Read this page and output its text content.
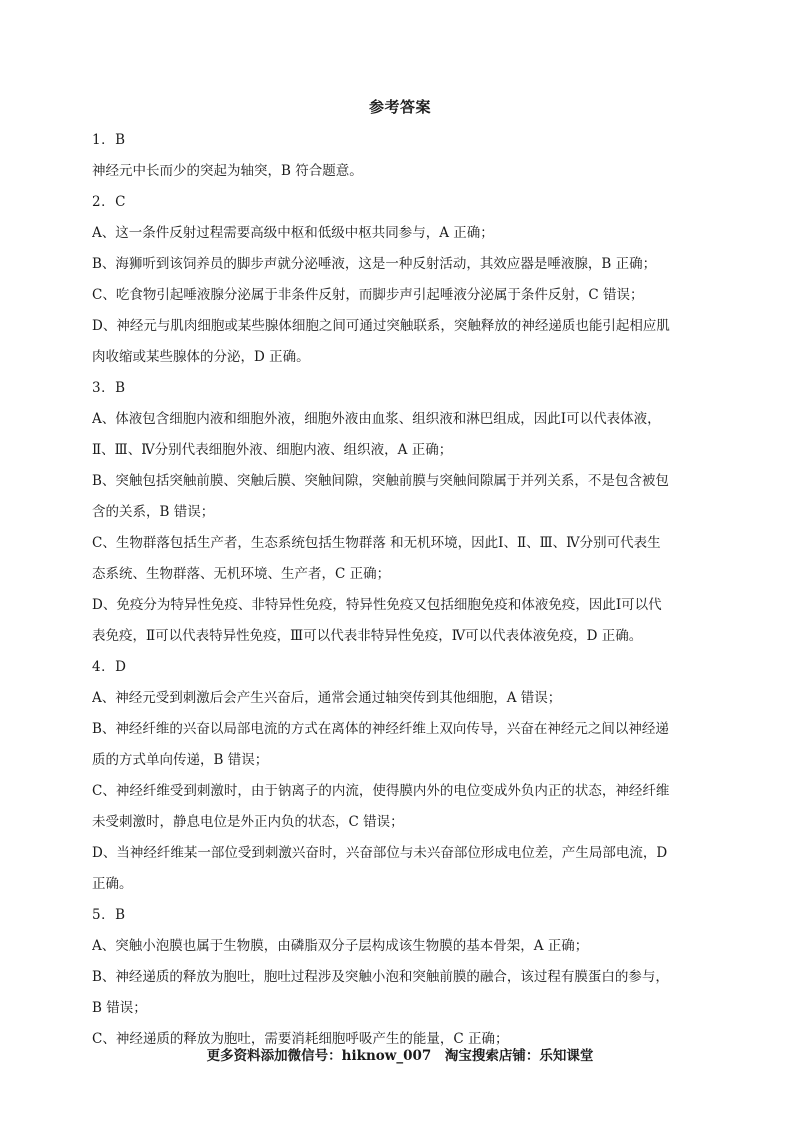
参考答案
1．B
神经元中长而少的突起为轴突，B 符合题意。
2．C
A、这一条件反射过程需要高级中枢和低级中枢共同参与，A 正确；
B、海狮听到该饲养员的脚步声就分泌唾液，这是一种反射活动，其效应器是唾液腺，B 正确；
C、吃食物引起唾液腺分泌属于非条件反射，而脚步声引起唾液分泌属于条件反射，C 错误；
D、神经元与肌肉细胞或某些腺体细胞之间可通过突触联系，突触释放的神经递质也能引起相应肌
肉收缩或某些腺体的分泌，D 正确。
3．B
A、体液包含细胞内液和细胞外液，细胞外液由血浆、组织液和淋巴组成，因此Ⅰ可以代表体液，
Ⅱ、Ⅲ、Ⅳ分别代表细胞外液、细胞内液、组织液，A 正确；
B、突触包括突触前膜、突触后膜、突触间隙，突触前膜与突触间隙属于并列关系，不是包含被包
含的关系，B 错误；
C、生物群落包括生产者，生态系统包括生物群落 和无机环境，因此Ⅰ、Ⅱ、Ⅲ、Ⅳ分别可代表生
态系统、生物群落、无机环境、生产者，C 正确；
D、免疫分为特异性免疫、非特异性免疫，特异性免疫又包括细胞免疫和体液免疫，因此Ⅰ可以代
表免疫，Ⅱ可以代表特异性免疫，Ⅲ可以代表非特异性免疫，Ⅳ可以代表体液免疫，D 正确。
4．D
A、神经元受到刺激后会产生兴奋后，通常会通过轴突传到其他细胞，A 错误；
B、神经纤维的兴奋以局部电流的方式在离体的神经纤维上双向传导，兴奋在神经元之间以神经递
质的方式单向传递，B 错误；
C、神经纤维受到刺激时，由于钠离子的内流，使得膜内外的电位变成外负内正的状态，神经纤维
未受刺激时，静息电位是外正内负的状态，C 错误；
D、当神经纤维某一部位受到刺激兴奋时，兴奋部位与未兴奋部位形成电位差，产生局部电流，D
正确。
5．B
A、突触小泡膜也属于生物膜，由磷脂双分子层构成该生物膜的基本骨架，A 正确；
B、神经递质的释放为胞吐，胞吐过程涉及突触小泡和突触前膜的融合，该过程有膜蛋白的参与，
B 错误；
C、神经递质的释放为胞吐，需要消耗细胞呼吸产生的能量，C 正确；
更多资料添加微信号：hiknow_007　淘宝搜索店铺：乐知课堂
